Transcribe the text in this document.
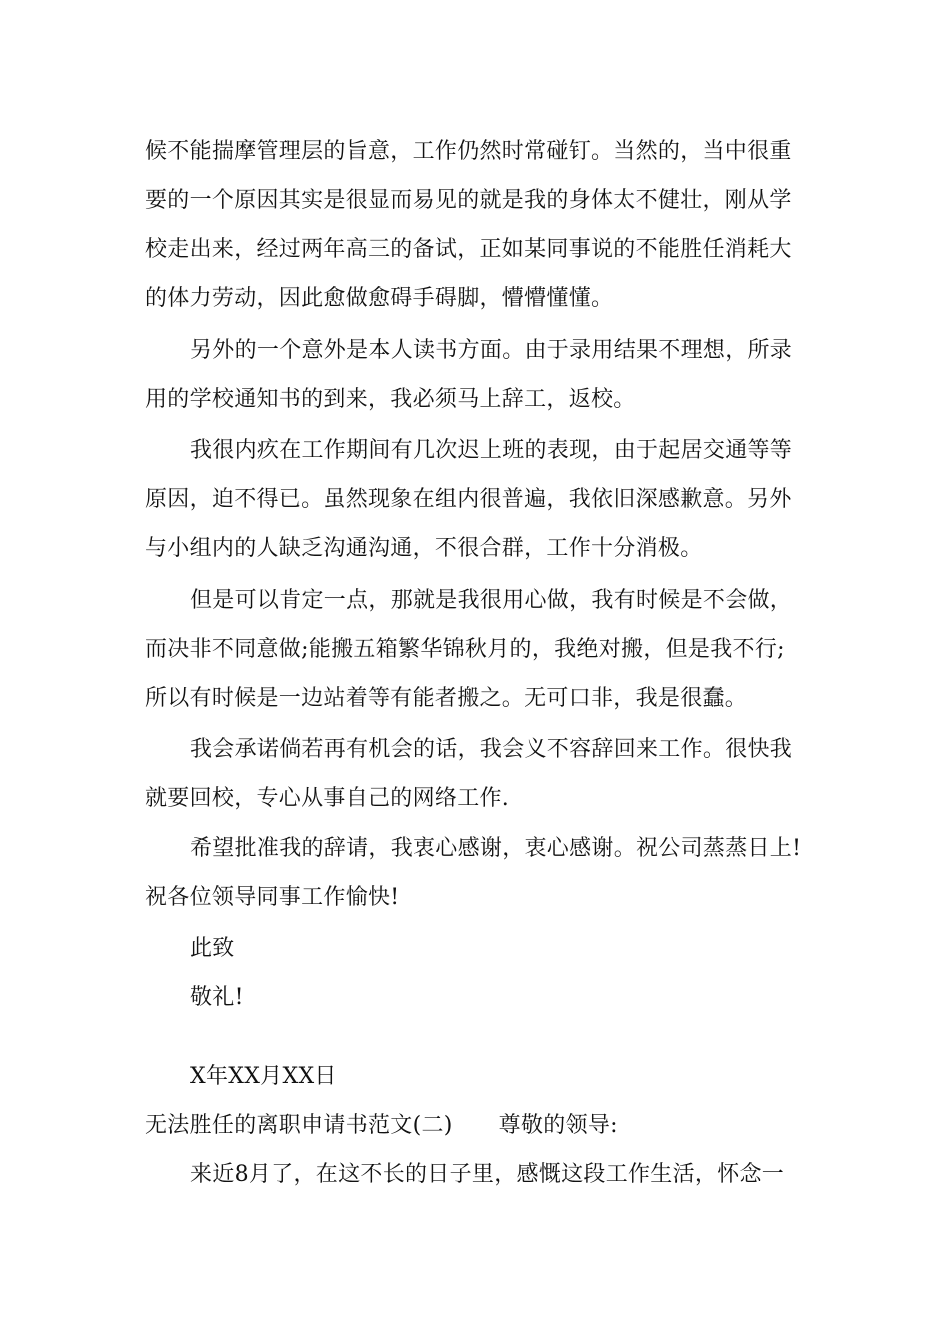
候不能揣摩管理层的旨意，工作仍然时常碰钉。当然的，当中很重
要的一个原因其实是很显而易见的就是我的身体太不健壮，刚从学
校走出来，经过两年高三的备试，正如某同事说的不能胜任消耗大
的体力劳动，因此愈做愈碍手碍脚，懵懵懂懂。
另外的一个意外是本人读书方面。由于录用结果不理想，所录
用的学校通知书的到来，我必须马上辞工，返校。
我很内疚在工作期间有几次迟上班的表现，由于起居交通等等
原因，迫不得已。虽然现象在组内很普遍，我依旧深感歉意。另外
与小组内的人缺乏沟通沟通，不很合群，工作十分消极。
但是可以肯定一点，那就是我很用心做，我有时候是不会做，
而决非不同意做;能搬五箱繁华锦秋月的，我绝对搬，但是我不行;
所以有时候是一边站着等有能者搬之。无可口非，我是很蠢。
我会承诺倘若再有机会的话，我会义不容辞回来工作。很快我
就要回校，专心从事自己的网络工作.
希望批准我的辞请，我衷心感谢，衷心感谢。祝公司蒸蒸日上!
祝各位领导同事工作愉快!
此致
敬礼!
X年XX月XX日
无法胜任的离职申请书范文(二) 尊敬的领导:
来近8月了，在这不长的日子里，感慨这段工作生活，怀念一
